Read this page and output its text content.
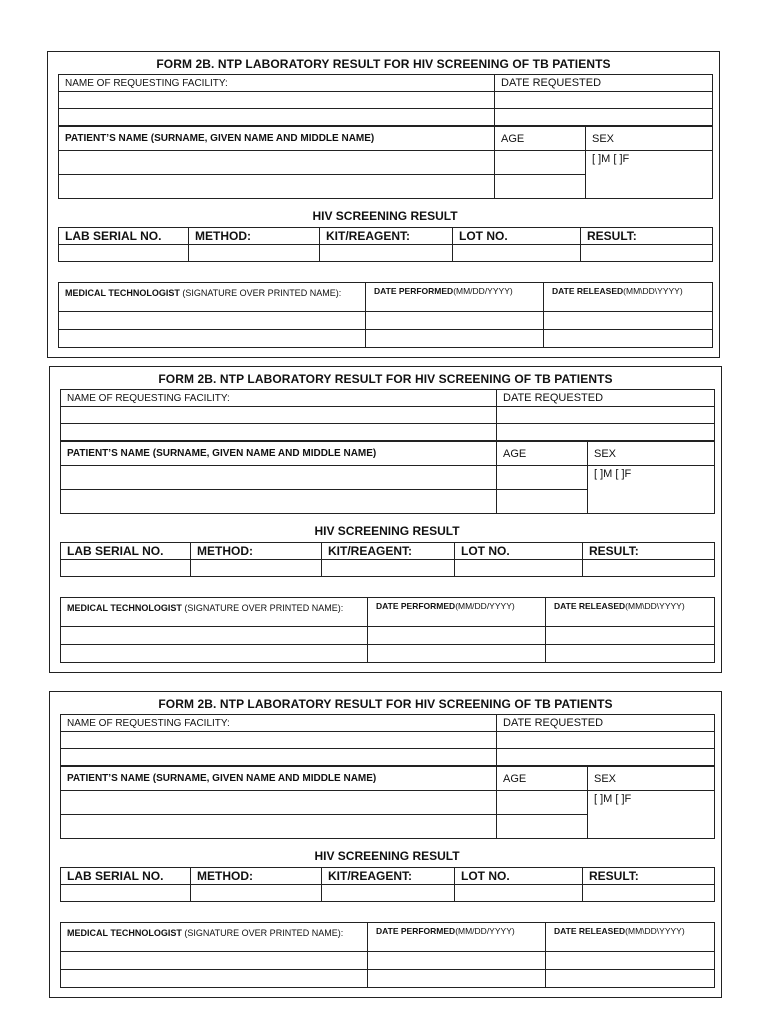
FORM 2B. NTP LABORATORY RESULT FOR HIV SCREENING OF TB PATIENTS
NAME OF REQUESTING FACILITY:	DATE REQUESTED

PATIENT’S NAME (SURNAME, GIVEN NAME AND MIDDLE NAME)	AGE	SEX

		[ ]M [ ]F

HIV SCREENING RESULT
LAB SERIAL NO.	METHOD:	KIT/REAGENT:	LOT NO.	RESULT:

MEDICAL TECHNOLOGIST (SIGNATURE OVER PRINTED NAME):	DATE PERFORMED(MM/DD/YYYY)	DATE RELEASED(MM\DD\YYYY)

FORM 2B. NTP LABORATORY RESULT FOR HIV SCREENING OF TB PATIENTS
NAME OF REQUESTING FACILITY:	DATE REQUESTED

PATIENT’S NAME (SURNAME, GIVEN NAME AND MIDDLE NAME)	AGE	SEX

		[ ]M [ ]F

HIV SCREENING RESULT
LAB SERIAL NO.	METHOD:	KIT/REAGENT:	LOT NO.	RESULT:

MEDICAL TECHNOLOGIST (SIGNATURE OVER PRINTED NAME):	DATE PERFORMED(MM/DD/YYYY)	DATE RELEASED(MM\DD\YYYY)

FORM 2B. NTP LABORATORY RESULT FOR HIV SCREENING OF TB PATIENTS
NAME OF REQUESTING FACILITY:	DATE REQUESTED

PATIENT’S NAME (SURNAME, GIVEN NAME AND MIDDLE NAME)	AGE	SEX

		[ ]M [ ]F

HIV SCREENING RESULT
LAB SERIAL NO.	METHOD:	KIT/REAGENT:	LOT NO.	RESULT:

MEDICAL TECHNOLOGIST (SIGNATURE OVER PRINTED NAME):	DATE PERFORMED(MM/DD/YYYY)	DATE RELEASED(MM\DD\YYYY)
